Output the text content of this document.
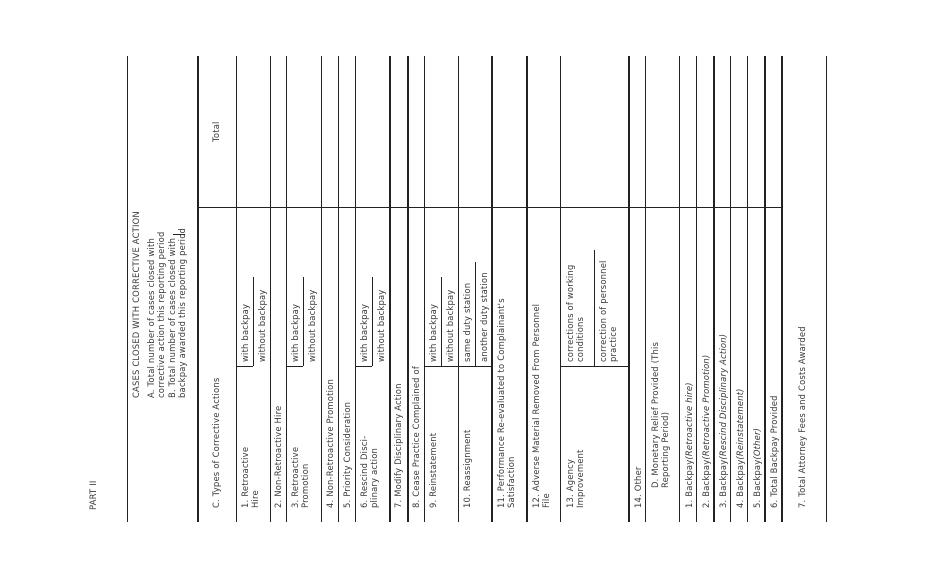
PART II
CASES CLOSED WITH CORRECTIVE ACTION A. Total number of cases closed with corrective action this reporting period B. Total number of cases closed with backpay awarded this reporting period
C. Types of Corrective Actions
Total
1. Retroactive Hire
with backpay without backpay
2. Non-Retroactive Hire 3. Retroactive Promotion
with backpay without backpay
4. Non-Retroactive Promotion 5. Priority Consideration 6. Rescind Disci- plinary action
with backpay without backpay
7. Modify Disciplinary Action 8. Cease Practice Complained of 9. Reinstatement
with backpay without backpay
10. Reassignment
same duty station another duty station 11. Performance Re-evaluated to Complainant's Satisfaction 12. Adverse Material Removed From Personnel File 13. Agency Improvement
corrections of working conditions correction of personnel practice
14. Other D. Monetary Relief Provided (This Reporting Period) 1. Backpay(Retroactive hire)
2. Backpay(Retroactive Promotion)
3. Backpay(Rescind Disciplinary Action)
4. Backpay(Reinstatement)
5. Backpay(Other) 6. Total Backpay Provided 7. Total Attorney Fees and Costs Awarded
